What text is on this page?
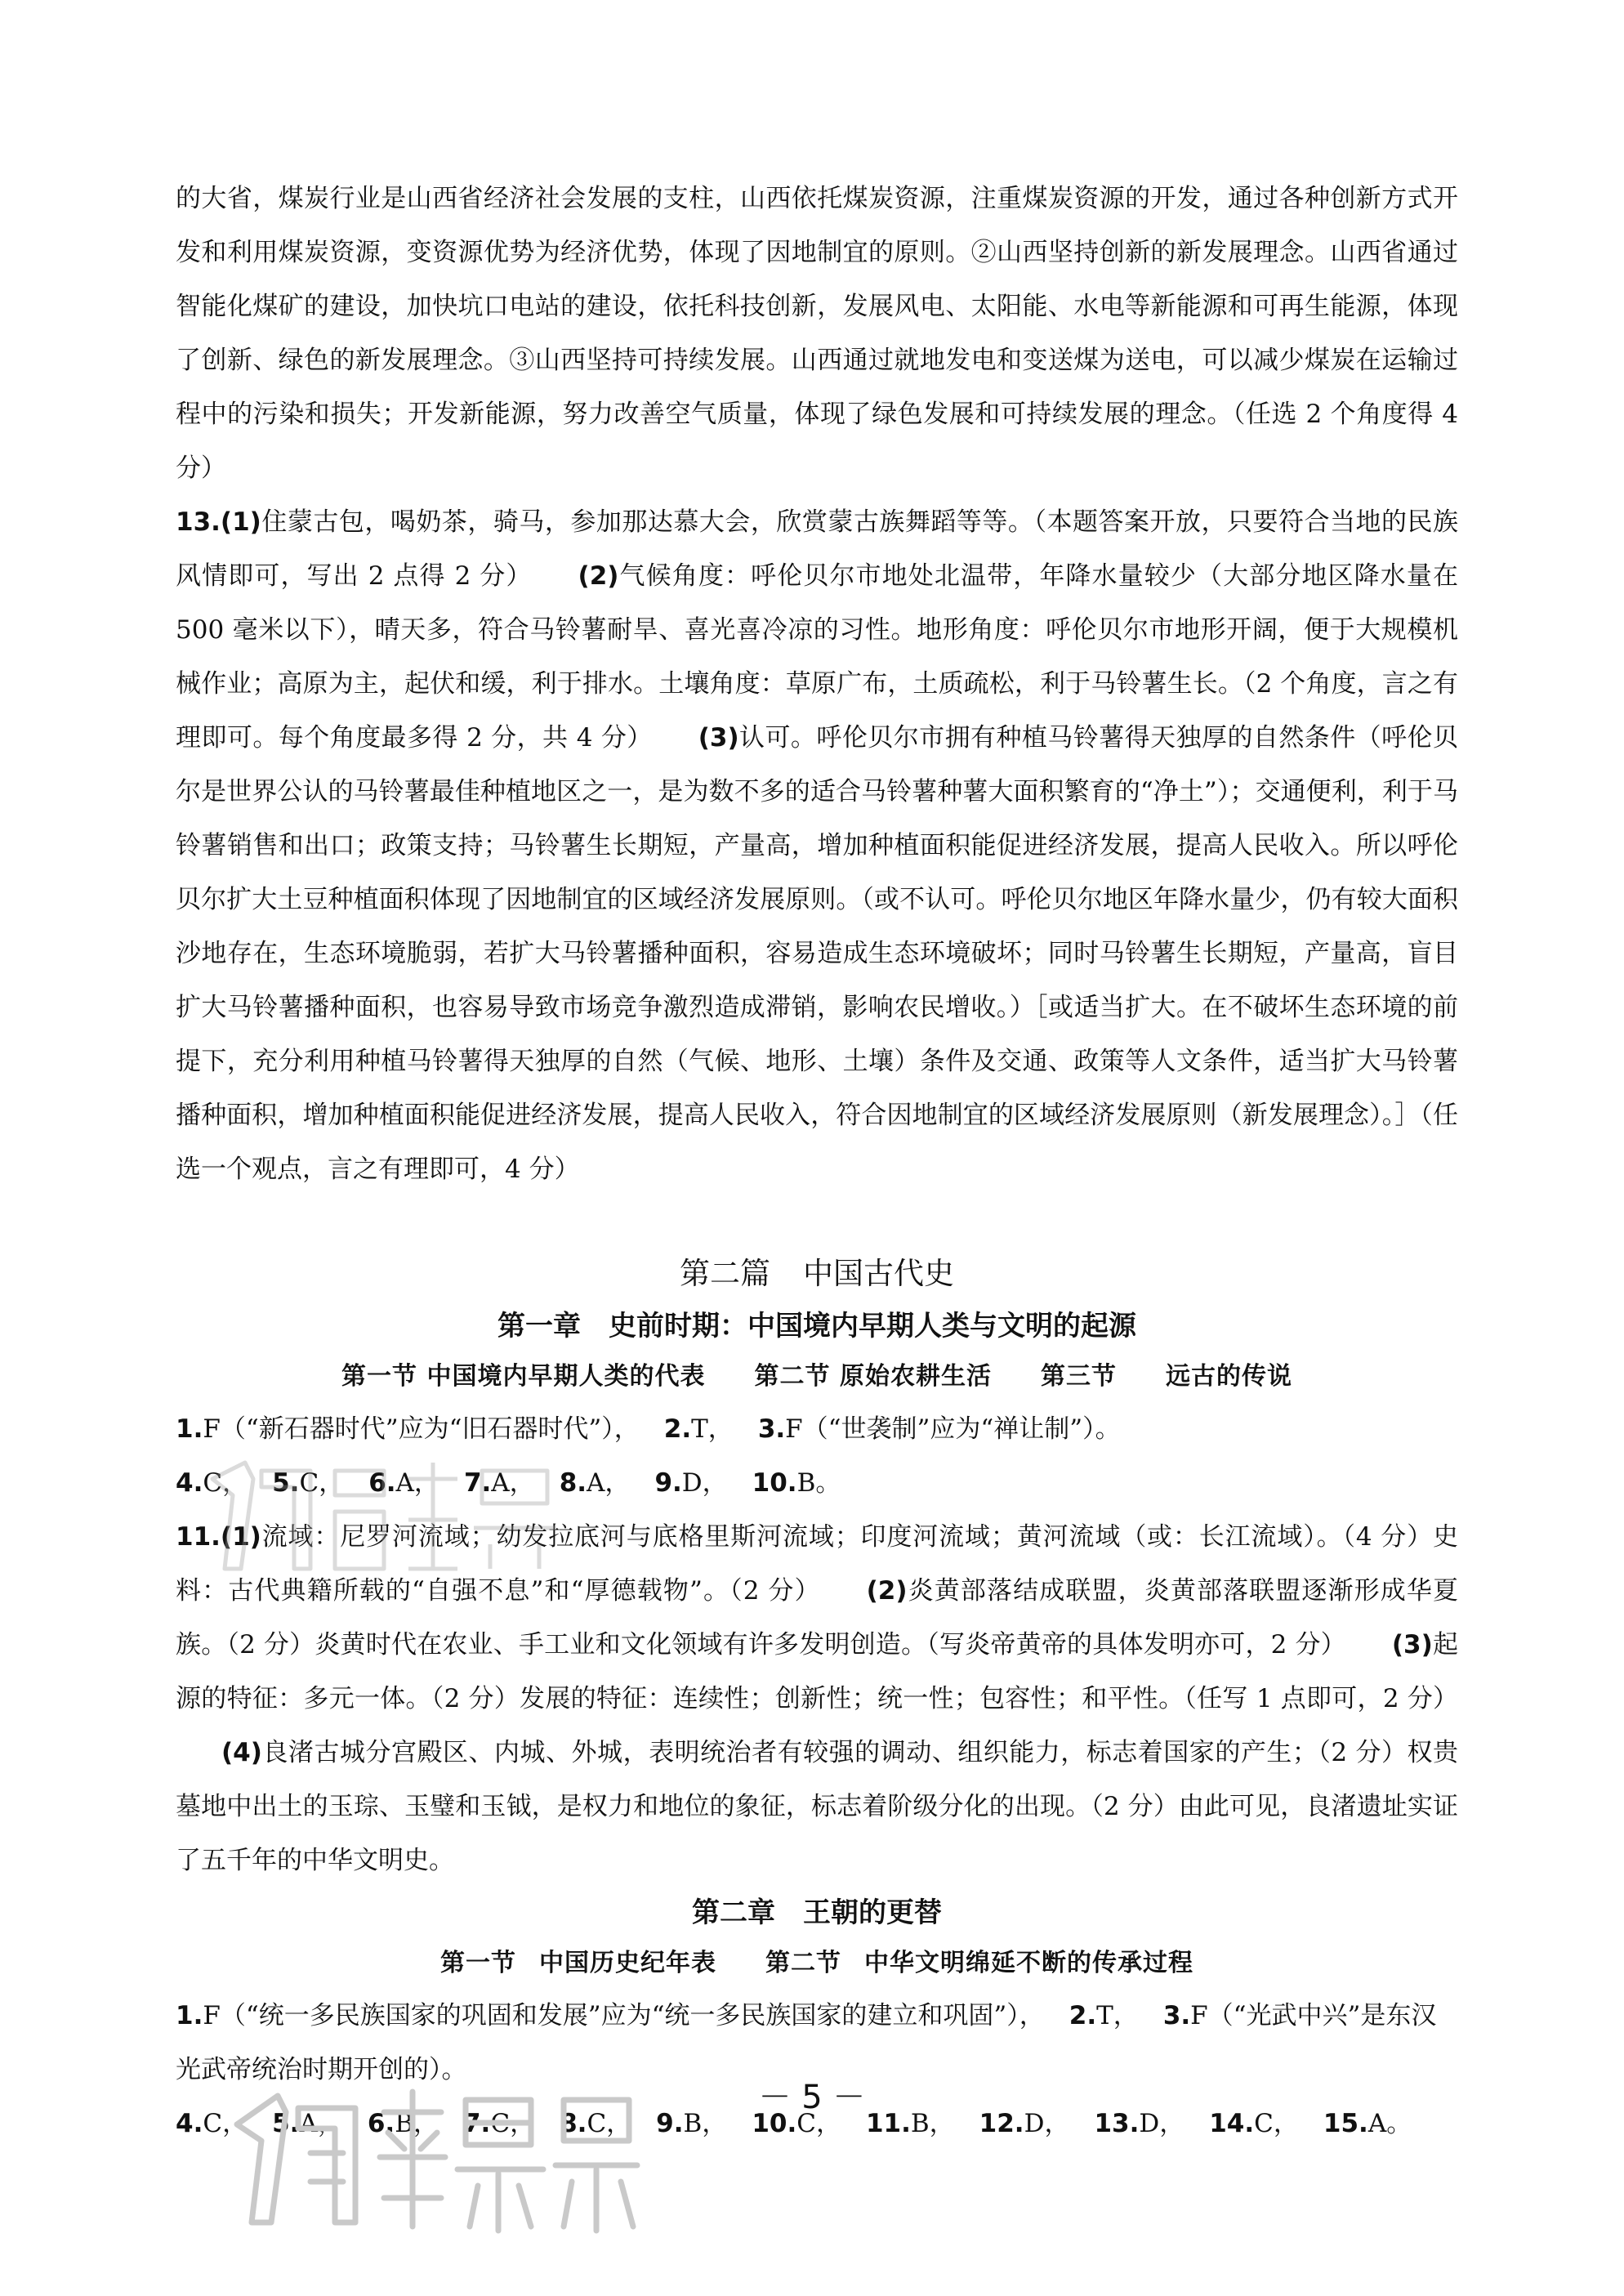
的大省，煤炭行业是山西省经济社会发展的支柱，山西依托煤炭资源，注重煤炭资源的开发，通过各种创新方式开发和利用煤炭资源，变资源优势为经济优势，体现了因地制宜的原则。②山西坚持创新的新发展理念。山西省通过智能化煤矿的建设，加快坑口电站的建设，依托科技创新，发展风电、太阳能、水电等新能源和可再生能源，体现了创新、绿色的新发展理念。③山西坚持可持续发展。山西通过就地发电和变送煤为送电，可以减少煤炭在运输过程中的污染和损失；开发新能源，努力改善空气质量，体现了绿色发展和可持续发展的理念。（任选 2 个角度得 4 分）

13.(1)住蒙古包，喝奶茶，骑马，参加那达慕大会，欣赏蒙古族舞蹈等等。（本题答案开放，只要符合当地的民族风情即可，写出 2 点得 2 分） (2)气候角度：呼伦贝尔市地处北温带，年降水量较少（大部分地区降水量在 500 毫米以下），晴天多，符合马铃薯耐旱、喜光喜冷凉的习性。地形角度：呼伦贝尔市地形开阔，便于大规模机械作业；高原为主，起伏和缓，利于排水。土壤角度：草原广布，土质疏松，利于马铃薯生长。（2 个角度，言之有理即可。每个角度最多得 2 分，共 4 分） (3)认可。呼伦贝尔市拥有种植马铃薯得天独厚的自然条件（呼伦贝尔是世界公认的马铃薯最佳种植地区之一，是为数不多的适合马铃薯种薯大面积繁育的“净土”）；交通便利，利于马铃薯销售和出口；政策支持；马铃薯生长期短，产量高，增加种植面积能促进经济发展，提高人民收入。所以呼伦贝尔扩大土豆种植面积体现了因地制宜的区域经济发展原则。（或不认可。呼伦贝尔地区年降水量少，仍有较大面积沙地存在，生态环境脆弱，若扩大马铃薯播种面积，容易造成生态环境破坏；同时马铃薯生长期短，产量高，盲目扩大马铃薯播种面积，也容易导致市场竞争激烈造成滞销，影响农民增收。）［或适当扩大。在不破坏生态环境的前提下，充分利用种植马铃薯得天独厚的自然（气候、地形、土壤）条件及交通、政策等人文条件，适当扩大马铃薯播种面积，增加种植面积能促进经济发展，提高人民收入，符合因地制宜的区域经济发展原则（新发展理念）。］（任选一个观点，言之有理即可，4 分）

第二篇 中国古代史
第一章 史前时期：中国境内早期人类与文明的起源
第一节 中国境内早期人类的代表 第二节 原始农耕生活 第三节 远古的传说

1.F（“新石器时代”应为“旧石器时代”）， 2.T， 3.F（“世袭制”应为“禅让制”）。

4.C， 5.C， 6.A， 7.A， 8.A， 9.D， 10.B。

11.(1)流域：尼罗河流域；幼发拉底河与底格里斯河流域；印度河流域；黄河流域（或：长江流域）。（4 分）史料：古代典籍所载的“自强不息”和“厚德载物”。（2 分） (2)炎黄部落结成联盟，炎黄部落联盟逐渐形成华夏族。（2 分）炎黄时代在农业、手工业和文化领域有许多发明创造。（写炎帝黄帝的具体发明亦可，2 分） (3)起源的特征：多元一体。（2 分）发展的特征：连续性；创新性；统一性；包容性；和平性。（任写 1 点即可，2 分）(4)良渚古城分宫殿区、内城、外城，表明统治者有较强的调动、组织能力，标志着国家的产生；（2 分）权贵墓地中出土的玉琮、玉璧和玉钺，是权力和地位的象征，标志着阶级分化的出现。（2 分）由此可见，良渚遗址实证了五千年的中华文明史。

第二章 王朝的更替
第一节 中国历史纪年表 第二节 中华文明绵延不断的传承过程

1.F（“统一多民族国家的巩固和发展”应为“统一多民族国家的建立和巩固”）， 2.T， 3.F（“光武中兴”是东汉光武帝统治时期开创的）。

4.C， 5.A， 6.B， 7.C， 8.C， 9.B， 10.C， 11.B， 12.D， 13.D， 14.C， 15.A。

－ 5 －
